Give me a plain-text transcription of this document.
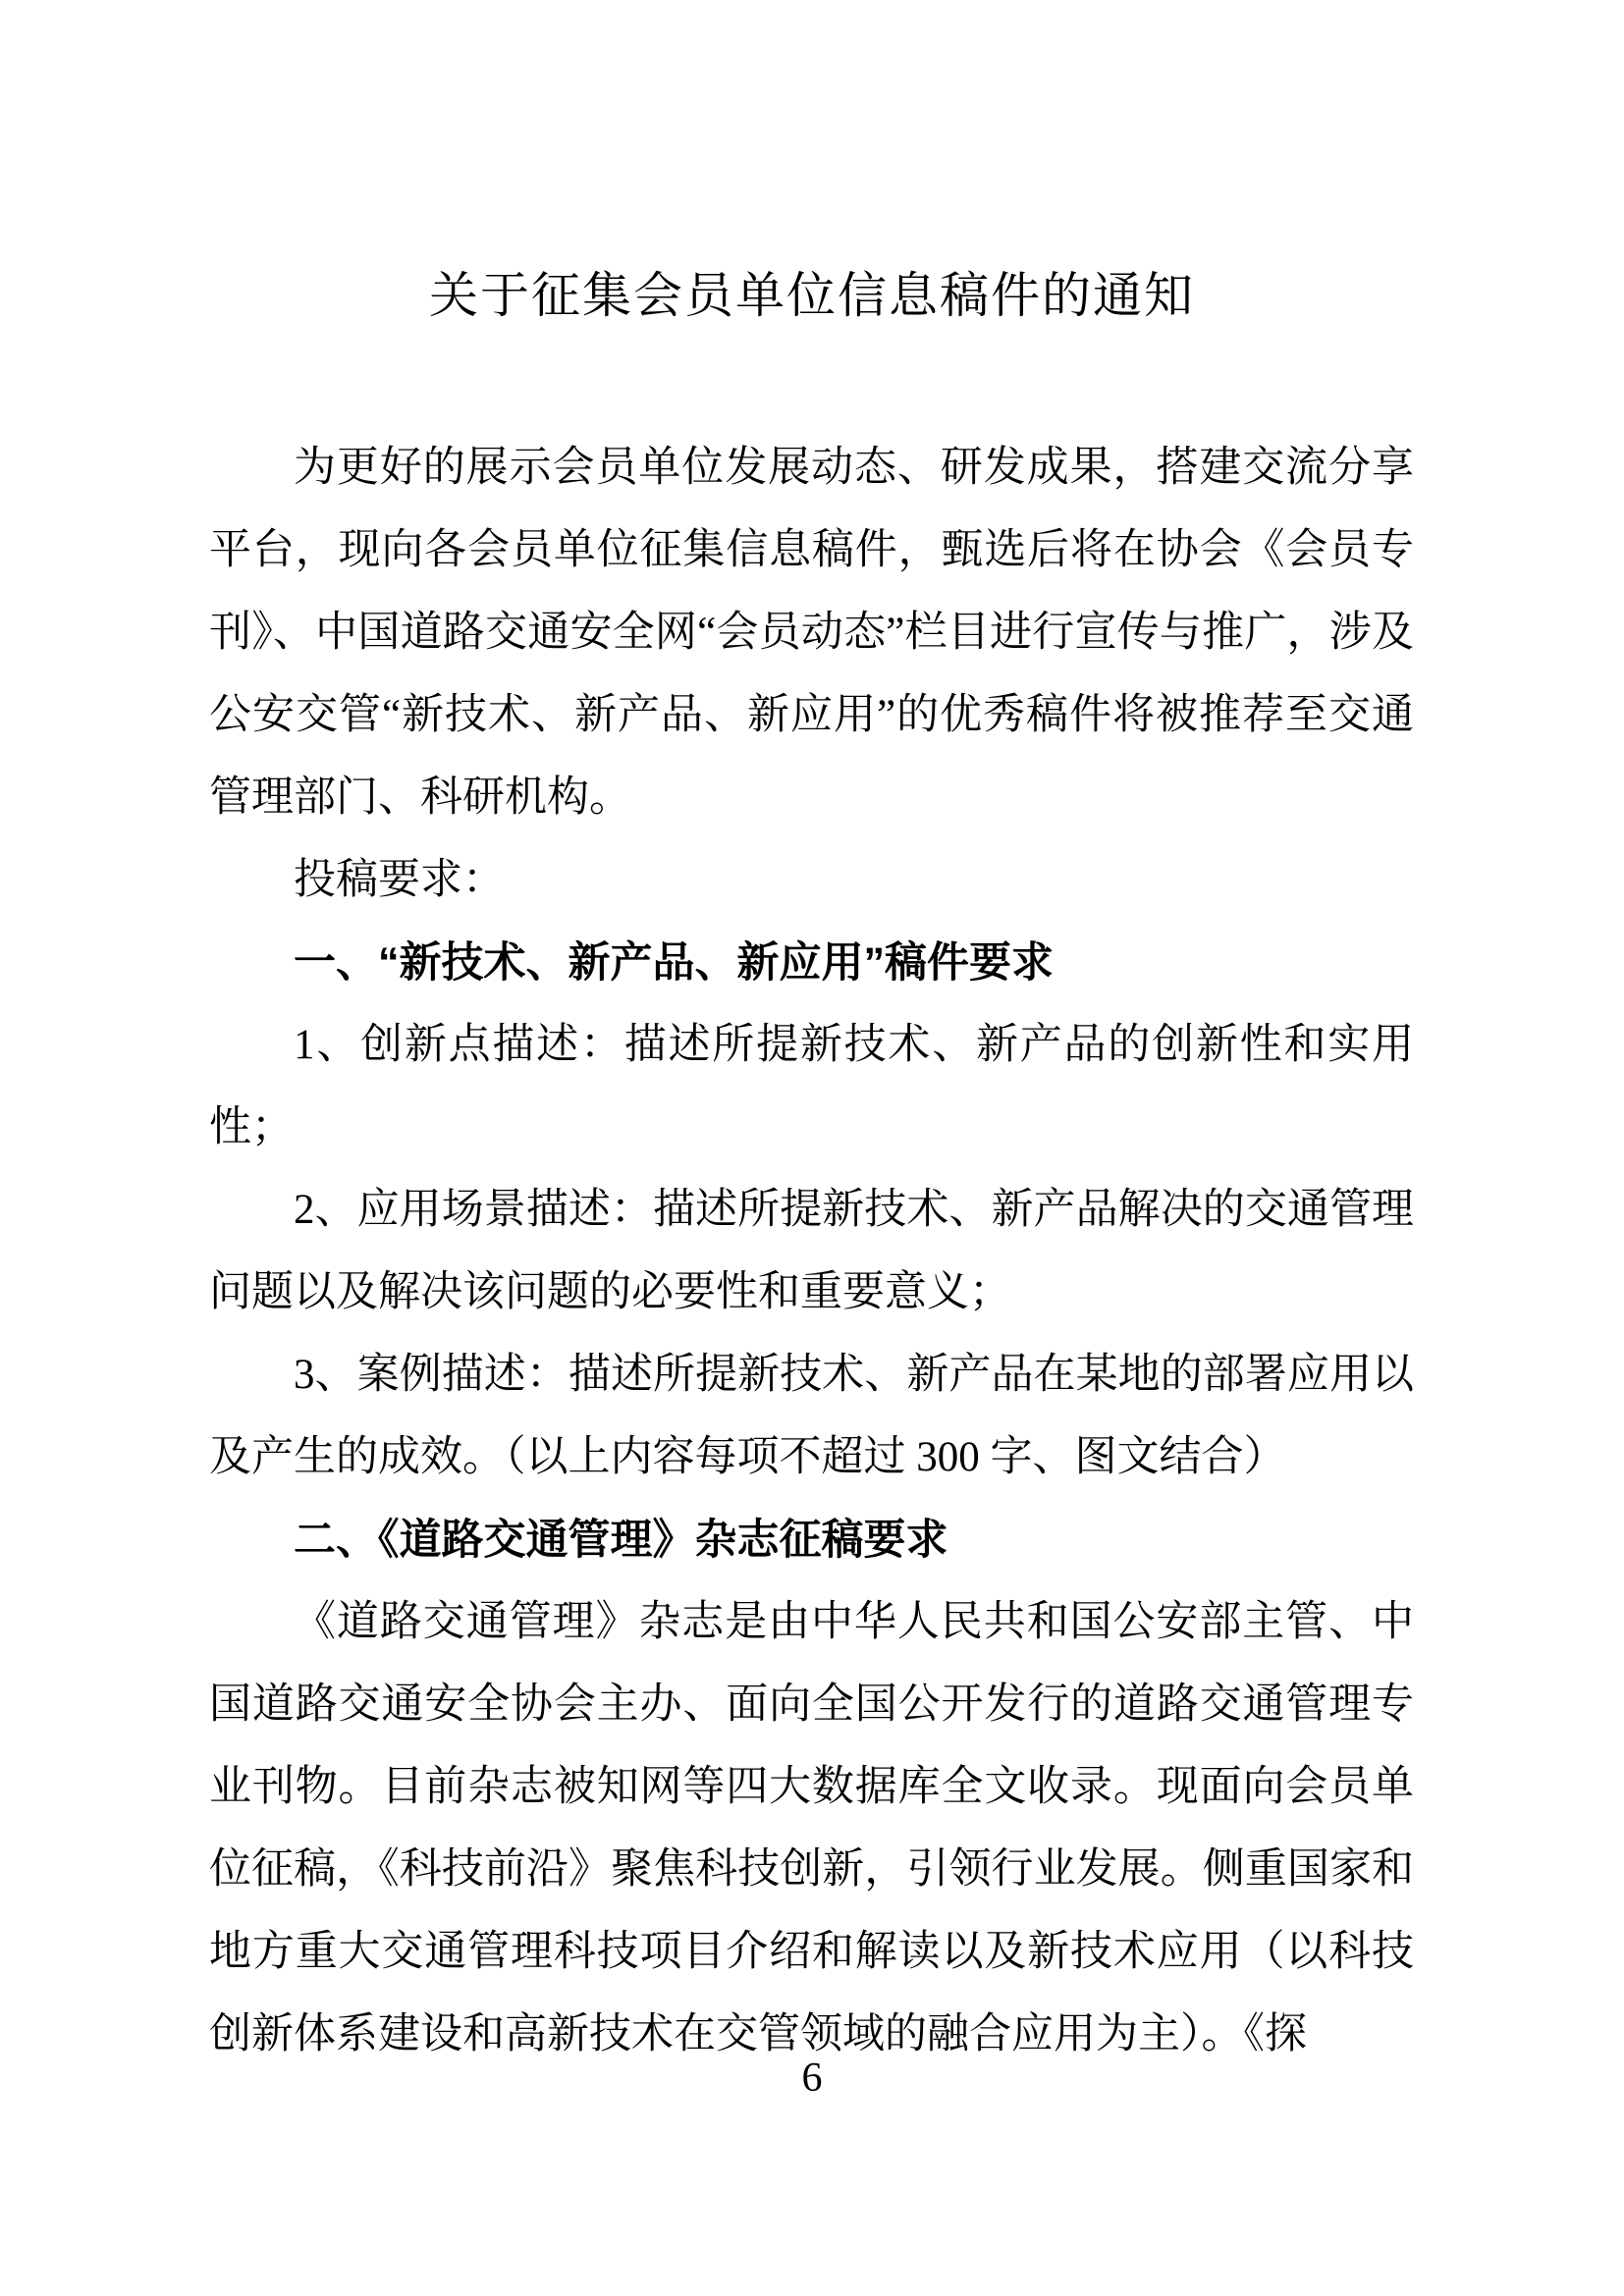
关于征集会员单位信息稿件的通知

为更好的展示会员单位发展动态、研发成果，搭建交流分享平台，现向各会员单位征集信息稿件，甄选后将在协会《会员专刊》、中国道路交通安全网“会员动态”栏目进行宣传与推广，涉及公安交管“新技术、新产品、新应用”的优秀稿件将被推荐至交通管理部门、科研机构。

投稿要求：

一、“新技术、新产品、新应用”稿件要求

1、创新点描述：描述所提新技术、新产品的创新性和实用性；

2、应用场景描述：描述所提新技术、新产品解决的交通管理问题以及解决该问题的必要性和重要意义；

3、案例描述：描述所提新技术、新产品在某地的部署应用以及产生的成效。（以上内容每项不超过 300 字、图文结合）

二、《道路交通管理》杂志征稿要求

《道路交通管理》杂志是由中华人民共和国公安部主管、中国道路交通安全协会主办、面向全国公开发行的道路交通管理专业刊物。目前杂志被知网等四大数据库全文收录。现面向会员单位征稿，《科技前沿》聚焦科技创新，引领行业发展。侧重国家和地方重大交通管理科技项目介绍和解读以及新技术应用（以科技创新体系建设和高新技术在交管领域的融合应用为主）。《探

6
